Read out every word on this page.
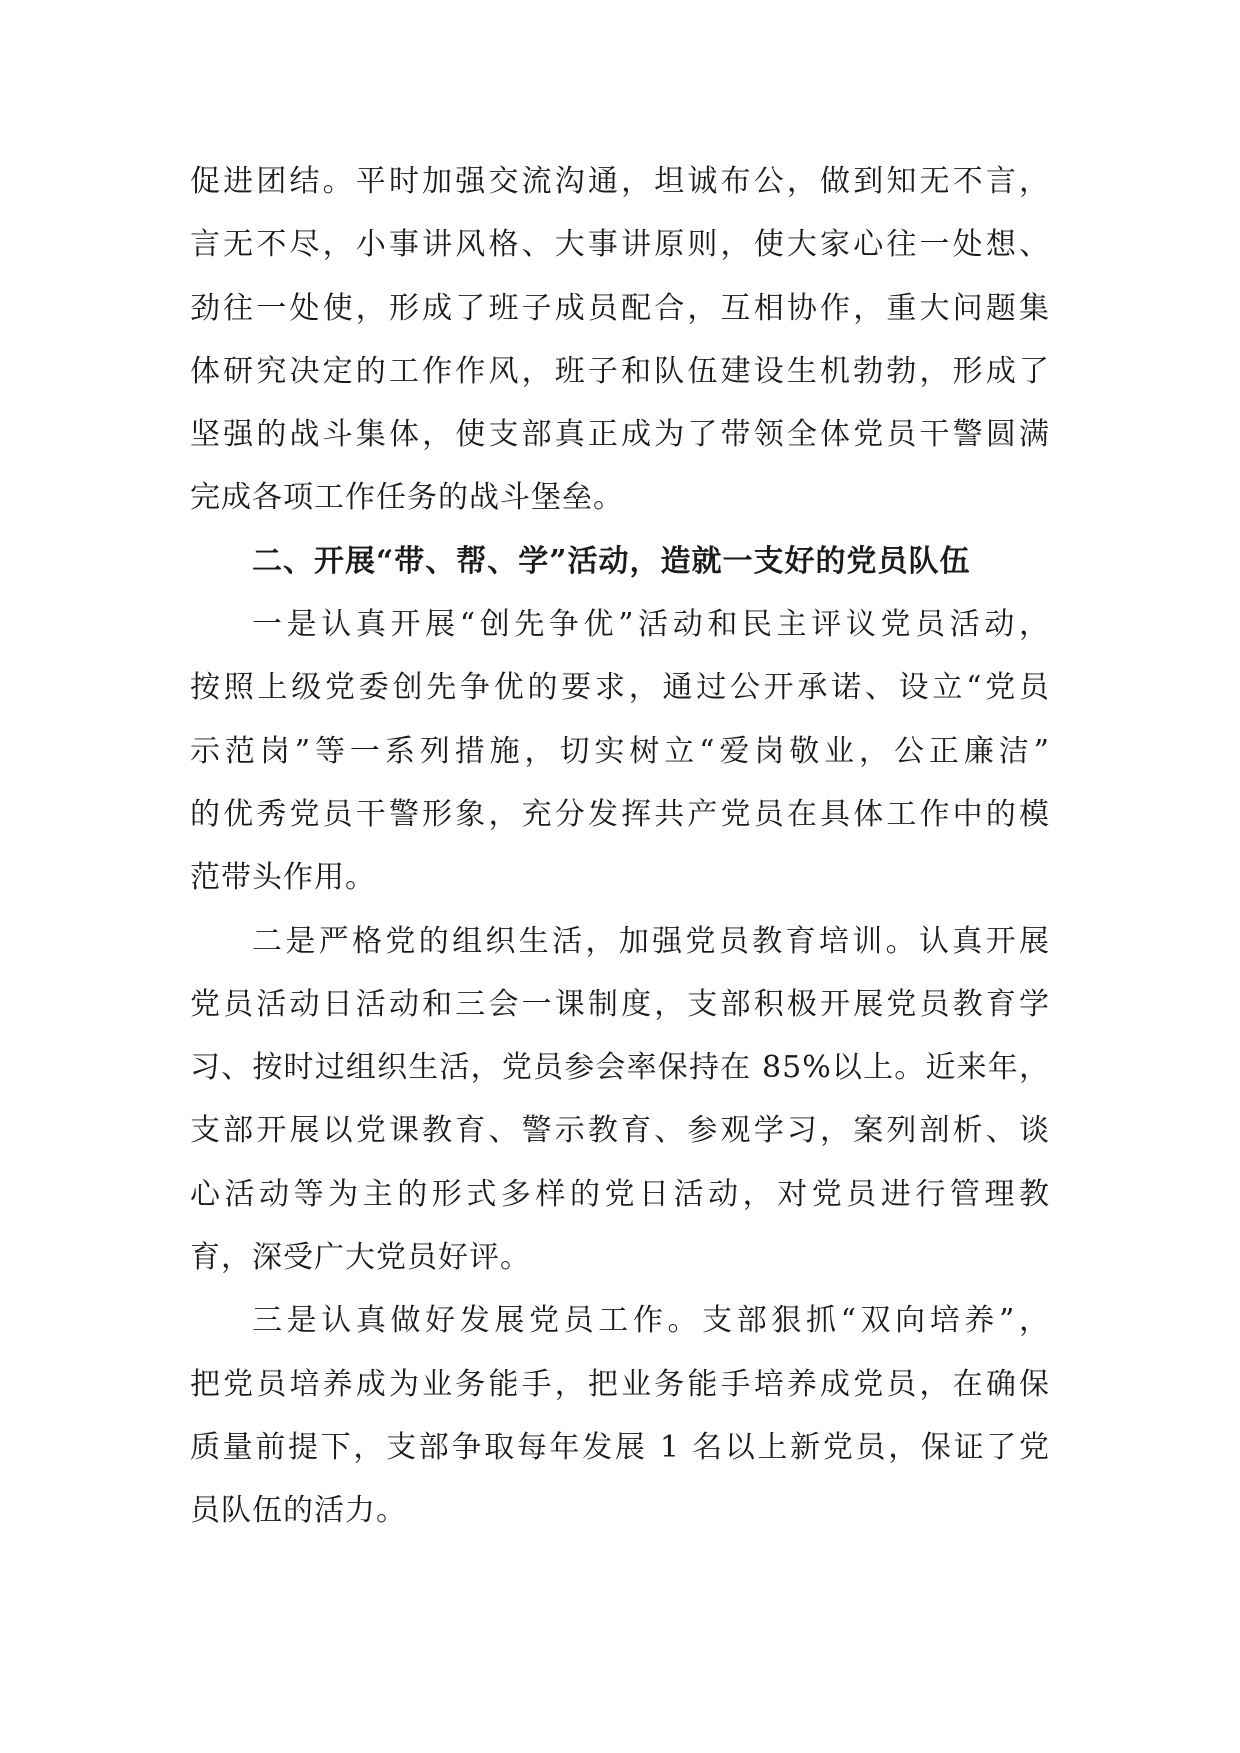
促进团结。平时加强交流沟通，坦诚布公，做到知无不言，
言无不尽，小事讲风格、大事讲原则，使大家心往一处想、
劲往一处使，形成了班子成员配合，互相协作，重大问题集
体研究决定的工作作风，班子和队伍建设生机勃勃，形成了
坚强的战斗集体，使支部真正成为了带领全体党员干警圆满
完成各项工作任务的战斗堡垒。
二、开展“带、帮、学”活动，造就一支好的党员队伍
一是认真开展“创先争优”活动和民主评议党员活动，
按照上级党委创先争优的要求，通过公开承诺、设立“党员
示范岗”等一系列措施，切实树立“爱岗敬业，公正廉洁”
的优秀党员干警形象，充分发挥共产党员在具体工作中的模
范带头作用。
二是严格党的组织生活，加强党员教育培训。认真开展
党员活动日活动和三会一课制度，支部积极开展党员教育学
习、按时过组织生活，党员参会率保持在 85%以上。近来年，
支部开展以党课教育、警示教育、参观学习，案列剖析、谈
心活动等为主的形式多样的党日活动，对党员进行管理教
育，深受广大党员好评。
三是认真做好发展党员工作。支部狠抓“双向培养”，
把党员培养成为业务能手，把业务能手培养成党员，在确保
质量前提下，支部争取每年发展 1 名以上新党员，保证了党
员队伍的活力。
